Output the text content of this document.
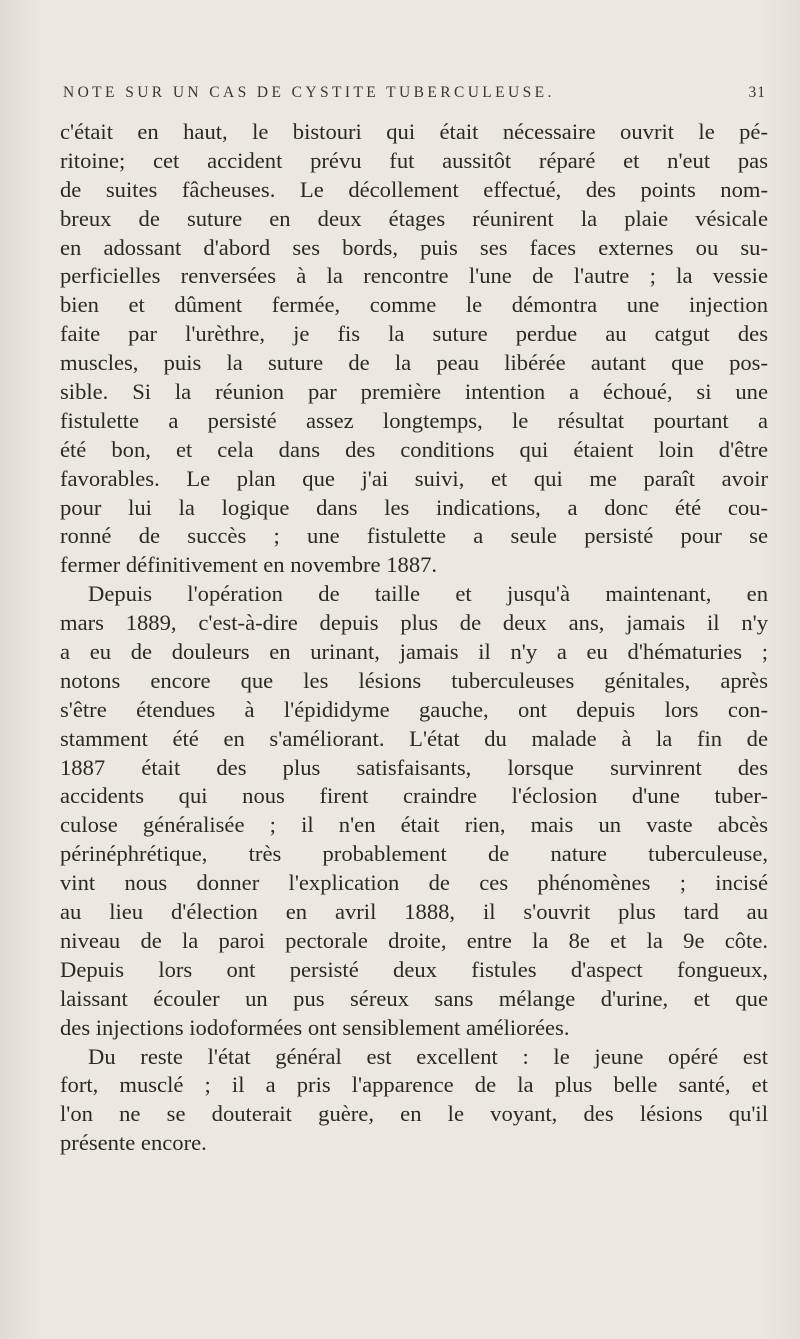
NOTE SUR UN CAS DE CYSTITE TUBERCULEUSE.	31
c'était en haut, le bistouri qui était nécessaire ouvrit le pé-
ritoine; cet accident prévu fut aussitôt réparé et n'eut pas
de suites fâcheuses. Le décollement effectué, des points nom-
breux de suture en deux étages réunirent la plaie vésicale
en adossant d'abord ses bords, puis ses faces externes ou su-
perficielles renversées à la rencontre l'une de l'autre ; la vessie
bien et dûment fermée, comme le démontra une injection
faite par l'urèthre, je fis la suture perdue au catgut des
muscles, puis la suture de la peau libérée autant que pos-
sible. Si la réunion par première intention a échoué, si une
fistulette a persisté assez longtemps, le résultat pourtant a
été bon, et cela dans des conditions qui étaient loin d'être
favorables. Le plan que j'ai suivi, et qui me paraît avoir
pour lui la logique dans les indications, a donc été cou-
ronné de succès ; une fistulette a seule persisté pour se
fermer définitivement en novembre 1887.
Depuis l'opération de taille et jusqu'à maintenant, en
mars 1889, c'est-à-dire depuis plus de deux ans, jamais il n'y
a eu de douleurs en urinant, jamais il n'y a eu d'hématuries ;
notons encore que les lésions tuberculeuses génitales, après
s'être étendues à l'épididyme gauche, ont depuis lors con-
stamment été en s'améliorant. L'état du malade à la fin de
1887 était des plus satisfaisants, lorsque survinrent des
accidents qui nous firent craindre l'éclosion d'une tuber-
culose généralisée ; il n'en était rien, mais un vaste abcès
périnéphrétique, très probablement de nature tuberculeuse,
vint nous donner l'explication de ces phénomènes ; incisé
au lieu d'élection en avril 1888, il s'ouvrit plus tard au
niveau de la paroi pectorale droite, entre la 8e et la 9e côte.
Depuis lors ont persisté deux fistules d'aspect fongueux,
laissant écouler un pus séreux sans mélange d'urine, et que
des injections iodoformées ont sensiblement améliorées.
Du reste l'état général est excellent : le jeune opéré est
fort, musclé ; il a pris l'apparence de la plus belle santé, et
l'on ne se douterait guère, en le voyant, des lésions qu'il
présente encore.
